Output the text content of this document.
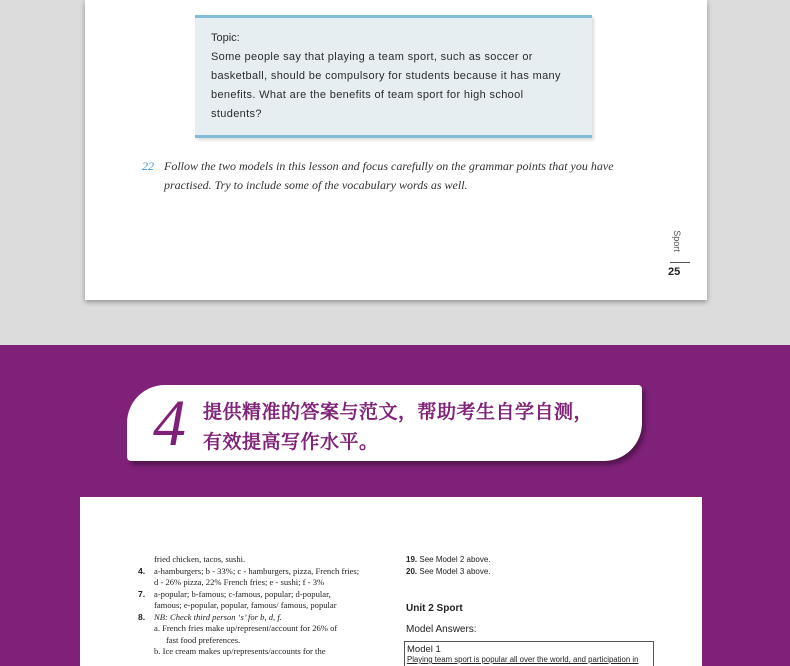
Topic:
Some people say that playing a team sport, such as soccer or
basketball, should be compulsory for students because it has many
benefits. What are the benefits of team sport for high school
students?
22 Follow the two models in this lesson and focus carefully on the grammar points that you have
practised. Try to include some of the vocabulary words as well.
Sport
25
4 提供精准的答案与范文，帮助考生自学自测，
有效提高写作水平。
fried chicken, tacos, sushi.
4. a-hamburgers; b - 33%; c - hamburgers, pizza, French fries;
d - 26% pizza, 22% French fries; e - sushi; f - 3%
7. a-popular; b-famous; c-famous, popular; d-popular,
famous; e-popular, popular, famous/ famous, popular
8. NB: Check third person ‘s’ for b, d, f.
a. French fries make up/represent/account for 26% of
fast food preferences.
b. Ice cream makes up/represents/accounts for the
19. See Model 2 above.
20. See Model 3 above.
Unit 2 Sport
Model Answers:
Model 1
Playing team sport is popular all over the world, and participation in
